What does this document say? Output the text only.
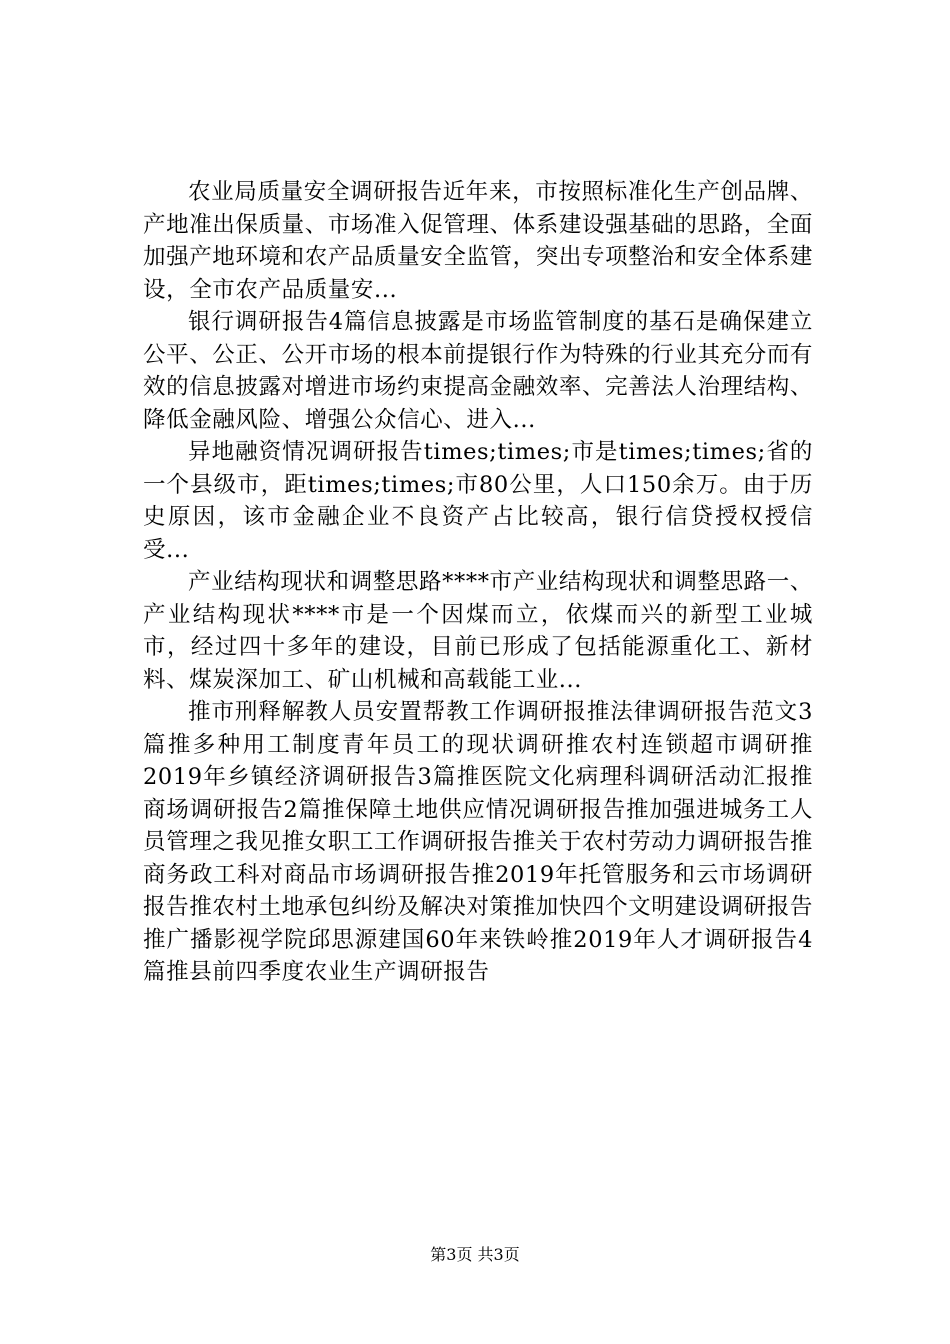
农业局质量安全调研报告近年来，市按照标准化生产创品牌、产地准出保质量、市场准入促管理、体系建设强基础的思路，全面加强产地环境和农产品质量安全监管，突出专项整治和安全体系建设，全市农产品质量安...

银行调研报告4篇信息披露是市场监管制度的基石是确保建立公平、公正、公开市场的根本前提银行作为特殊的行业其充分而有效的信息披露对增进市场约束提高金融效率、完善法人治理结构、降低金融风险、增强公众信心、进入...

异地融资情况调研报告times;times;市是times;times;省的一个县级市，距times;times;市80公里，人口150余万。由于历史原因，该市金融企业不良资产占比较高，银行信贷授权授信受...

产业结构现状和调整思路****市产业结构现状和调整思路一、产业结构现状****市是一个因煤而立，依煤而兴的新型工业城市，经过四十多年的建设，目前已形成了包括能源重化工、新材料、煤炭深加工、矿山机械和高载能工业...

推市刑释解教人员安置帮教工作调研报推法律调研报告范文3篇推多种用工制度青年员工的现状调研推农村连锁超市调研推2019年乡镇经济调研报告3篇推医院文化病理科调研活动汇报推商场调研报告2篇推保障土地供应情况调研报告推加强进城务工人员管理之我见推女职工工作调研报告推关于农村劳动力调研报告推商务政工科对商品市场调研报告推2019年托管服务和云市场调研报告推农村土地承包纠纷及解决对策推加快四个文明建设调研报告推广播影视学院邱思源建国60年来铁岭推2019年人才调研报告4篇推县前四季度农业生产调研报告

第3页 共3页
